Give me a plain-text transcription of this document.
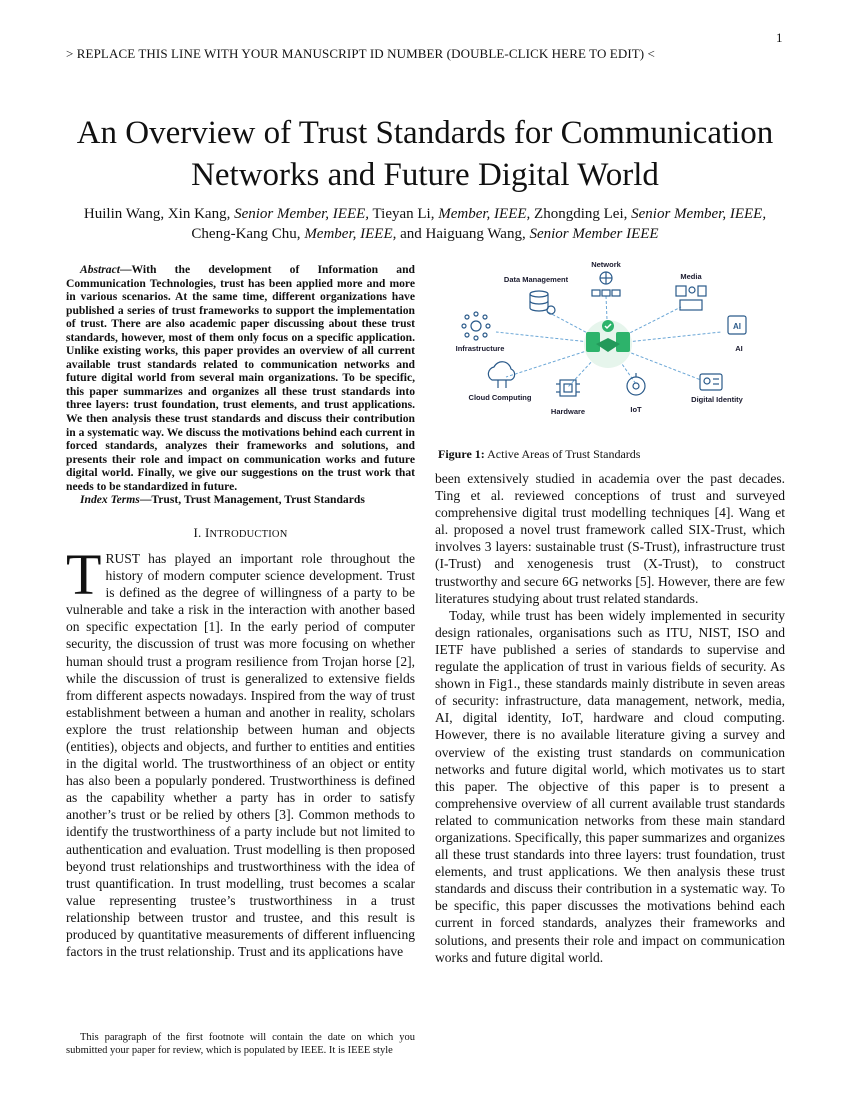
1
> REPLACE THIS LINE WITH YOUR MANUSCRIPT ID NUMBER (DOUBLE-CLICK HERE TO EDIT) <
An Overview of Trust Standards for Communication
Networks and Future Digital World
Huilin Wang, Xin Kang, Senior Member, IEEE, Tieyan Li, Member, IEEE, Zhongding Lei, Senior Member, IEEE,
Cheng-Kang Chu, Member, IEEE, and Haiguang Wang, Senior Member IEEE

Abstract—With the development of Information and Communication Technologies, trust has been applied more and more in various scenarios. At the same time, different organizations have published a series of trust frameworks to support the implementation of trust. There are also academic paper discussing about these trust standards, however, most of them only focus on a specific application. Unlike existing works, this paper provides an overview of all current available trust standards related to communication networks and future digital world from several main organizations. To be specific, this paper summarizes and organizes all these trust standards into three layers: trust foundation, trust elements, and trust applications. We then analysis these trust standards and discuss their contribution in a systematic way. We discuss the motivations behind each current in forced standards, analyzes their frameworks and solutions, and presents their role and impact on communication works and future digital world. Finally, we give our suggestions on the trust work that needs to be standardized in future.

Index Terms—Trust, Trust Management, Trust Standards

I. INTRODUCTION

TRUST has played an important role throughout the history of modern computer science development. Trust is defined as the degree of willingness of a party to be vulnerable and take a risk in the interaction with another based on specific expectation [1]. In the early period of computer security, the discussion of trust was more focusing on whether human should trust a program resilience from Trojan horse [2], while the discussion of trust is generalized to extensive fields from different aspects nowadays. Inspired from the way of trust establishment between a human and another in reality, scholars explore the trust relationship between human and objects (entities), objects and objects, and further to entities and entities in the digital world. The trustworthiness of an object or entity has also been a popularly pondered. Trustworthiness is defined as the capability whether a party has in order to satisfy another’s trust or be relied by others [3]. Common methods to identify the trustworthiness of a party include but not limited to authentication and evaluation. Trust modelling is then proposed beyond trust relationships and trustworthiness with the idea of trust quantification. In trust modelling, trust becomes a scalar value representing trustee’s trustworthiness in a trust relationship between trustor and trustee, and this result is produced by quantitative measurements of different influencing factors in the trust relationship. Trust and its applications have

This paragraph of the first footnote will contain the date on which you submitted your paper for review, which is populated by IEEE. It is IEEE style
Network
Data Management	Media
Infrastructure
AI
AI
Cloud Computing
Hardware	IoT
Digital Identity
Figure 1: Active Areas of Trust Standards

been extensively studied in academia over the past decades. Ting et al. reviewed conceptions of trust and surveyed comprehensive digital trust modelling techniques [4]. Wang et al. proposed a novel trust framework called SIX-Trust, which involves 3 layers: sustainable trust (S-Trust), infrastructure trust (I-Trust) and xenogenesis trust (X-Trust), to construct trustworthy and secure 6G networks [5]. However, there are few literatures studying about trust related standards.

Today, while trust has been widely implemented in security design rationales, organisations such as ITU, NIST, ISO and IETF have published a series of standards to supervise and regulate the application of trust in various fields of security. As shown in Fig1., these standards mainly distribute in seven areas of security: infrastructure, data management, network, media, AI, digital identity, IoT, hardware and cloud computing. However, there is no available literature giving a survey and overview of the existing trust standards on communication networks and future digital world, which motivates us to start this paper. The objective of this paper is to present a comprehensive overview of all current available trust standards related to communication networks from these main standard organizations. Specifically, this paper summarizes and organizes all these trust standards into three layers: trust foundation, trust elements, and trust applications. We then analysis these trust standards and discuss their contribution in a systematic way. To be specific, this paper discusses the motivations behind each current in forced standards, analyzes their frameworks and solutions, and presents their role and impact on communication works and future digital world.
